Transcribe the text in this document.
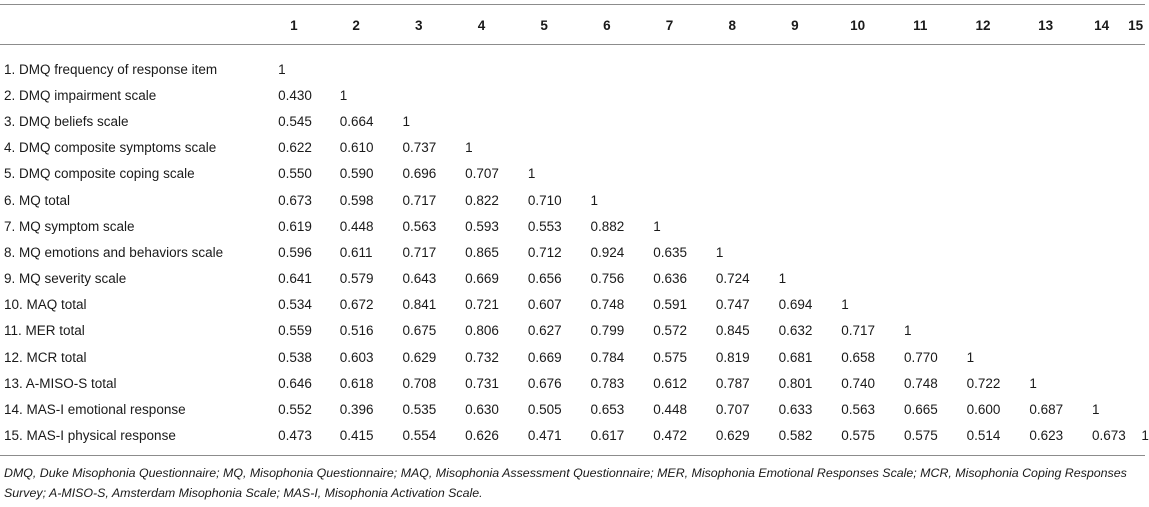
	1	2	3	4	5	6	7	8	9	10	11	12	13	14	15

1. DMQ frequency of response item	1														
2. DMQ impairment scale	0.430	1													
3. DMQ beliefs scale	0.545	0.664	1												
4. DMQ composite symptoms scale	0.622	0.610	0.737	1											
5. DMQ composite coping scale	0.550	0.590	0.696	0.707	1										
6. MQ total	0.673	0.598	0.717	0.822	0.710	1									
7. MQ symptom scale	0.619	0.448	0.563	0.593	0.553	0.882	1								
8. MQ emotions and behaviors scale	0.596	0.611	0.717	0.865	0.712	0.924	0.635	1							
9. MQ severity scale	0.641	0.579	0.643	0.669	0.656	0.756	0.636	0.724	1						
10. MAQ total	0.534	0.672	0.841	0.721	0.607	0.748	0.591	0.747	0.694	1					
11. MER total	0.559	0.516	0.675	0.806	0.627	0.799	0.572	0.845	0.632	0.717	1				
12. MCR total	0.538	0.603	0.629	0.732	0.669	0.784	0.575	0.819	0.681	0.658	0.770	1			
13. A-MISO-S total	0.646	0.618	0.708	0.731	0.676	0.783	0.612	0.787	0.801	0.740	0.748	0.722	1		
14. MAS-I emotional response	0.552	0.396	0.535	0.630	0.505	0.653	0.448	0.707	0.633	0.563	0.665	0.600	0.687	1	
15. MAS-I physical response	0.473	0.415	0.554	0.626	0.471	0.617	0.472	0.629	0.582	0.575	0.575	0.514	0.623	0.673	1
DMQ, Duke Misophonia Questionnaire; MQ, Misophonia Questionnaire; MAQ, Misophonia Assessment Questionnaire; MER, Misophonia Emotional Responses Scale; MCR, Misophonia Coping Responses Survey; A-MISO-S, Amsterdam Misophonia Scale; MAS-I, Misophonia Activation Scale.
